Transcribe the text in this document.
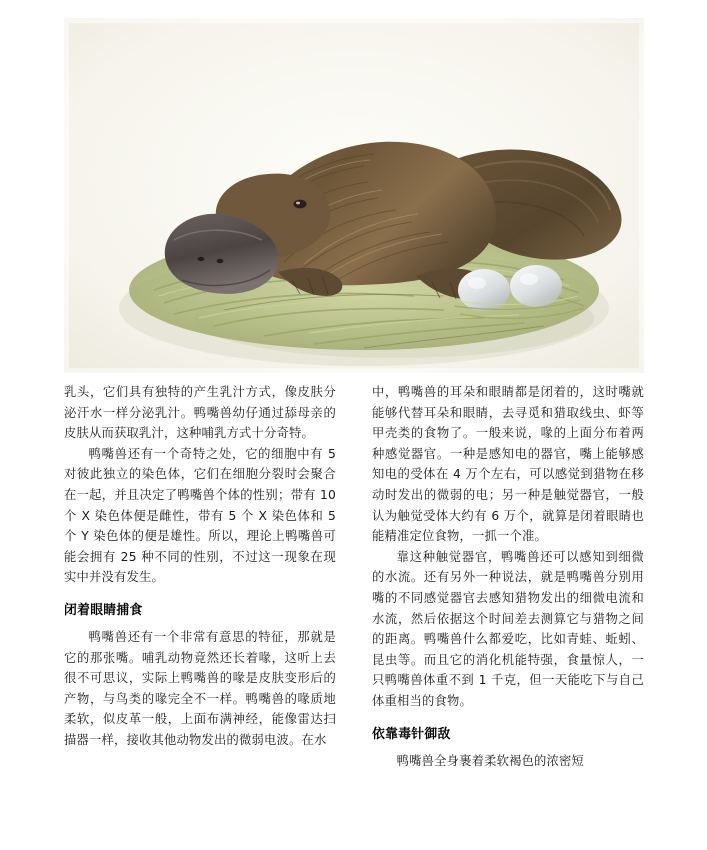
乳头，它们具有独特的产生乳汁方式，像皮肤分泌汗水一样分泌乳汁。鸭嘴兽幼仔通过舔母亲的皮肤从而获取乳汁，这种哺乳方式十分奇特。

鸭嘴兽还有一个奇特之处，它的细胞中有 5 对彼此独立的染色体，它们在细胞分裂时会聚合在一起，并且决定了鸭嘴兽个体的性别；带有 10 个 X 染色体便是雌性，带有 5 个 X 染色体和 5 个 Y 染色体的便是雄性。所以，理论上鸭嘴兽可能会拥有 25 种不同的性别，不过这一现象在现实中并没有发生。

闭着眼睛捕食

鸭嘴兽还有一个非常有意思的特征，那就是它的那张嘴。哺乳动物竟然还长着喙，这听上去很不可思议，实际上鸭嘴兽的喙是皮肤变形后的产物，与鸟类的喙完全不一样。鸭嘴兽的喙质地柔软，似皮革一般，上面布满神经，能像雷达扫描器一样，接收其他动物发出的微弱电波。在水

中，鸭嘴兽的耳朵和眼睛都是闭着的，这时嘴就能够代替耳朵和眼睛，去寻觅和猎取线虫、虾等甲壳类的食物了。一般来说，喙的上面分布着两种感觉器官。一种是感知电的器官，嘴上能够感知电的受体在 4 万个左右，可以感觉到猎物在移动时发出的微弱的电；另一种是触觉器官，一般认为触觉受体大约有 6 万个，就算是闭着眼睛也能精准定位食物，一抓一个准。

靠这种触觉器官，鸭嘴兽还可以感知到细微的水流。还有另外一种说法，就是鸭嘴兽分别用嘴的不同感觉器官去感知猎物发出的细微电流和水流，然后依据这个时间差去测算它与猎物之间的距离。鸭嘴兽什么都爱吃，比如青蛙、蚯蚓、昆虫等。而且它的消化机能特强，食量惊人，一只鸭嘴兽体重不到 1 千克，但一天能吃下与自己体重相当的食物。

依靠毒针御敌

鸭嘴兽全身裹着柔软褐色的浓密短
